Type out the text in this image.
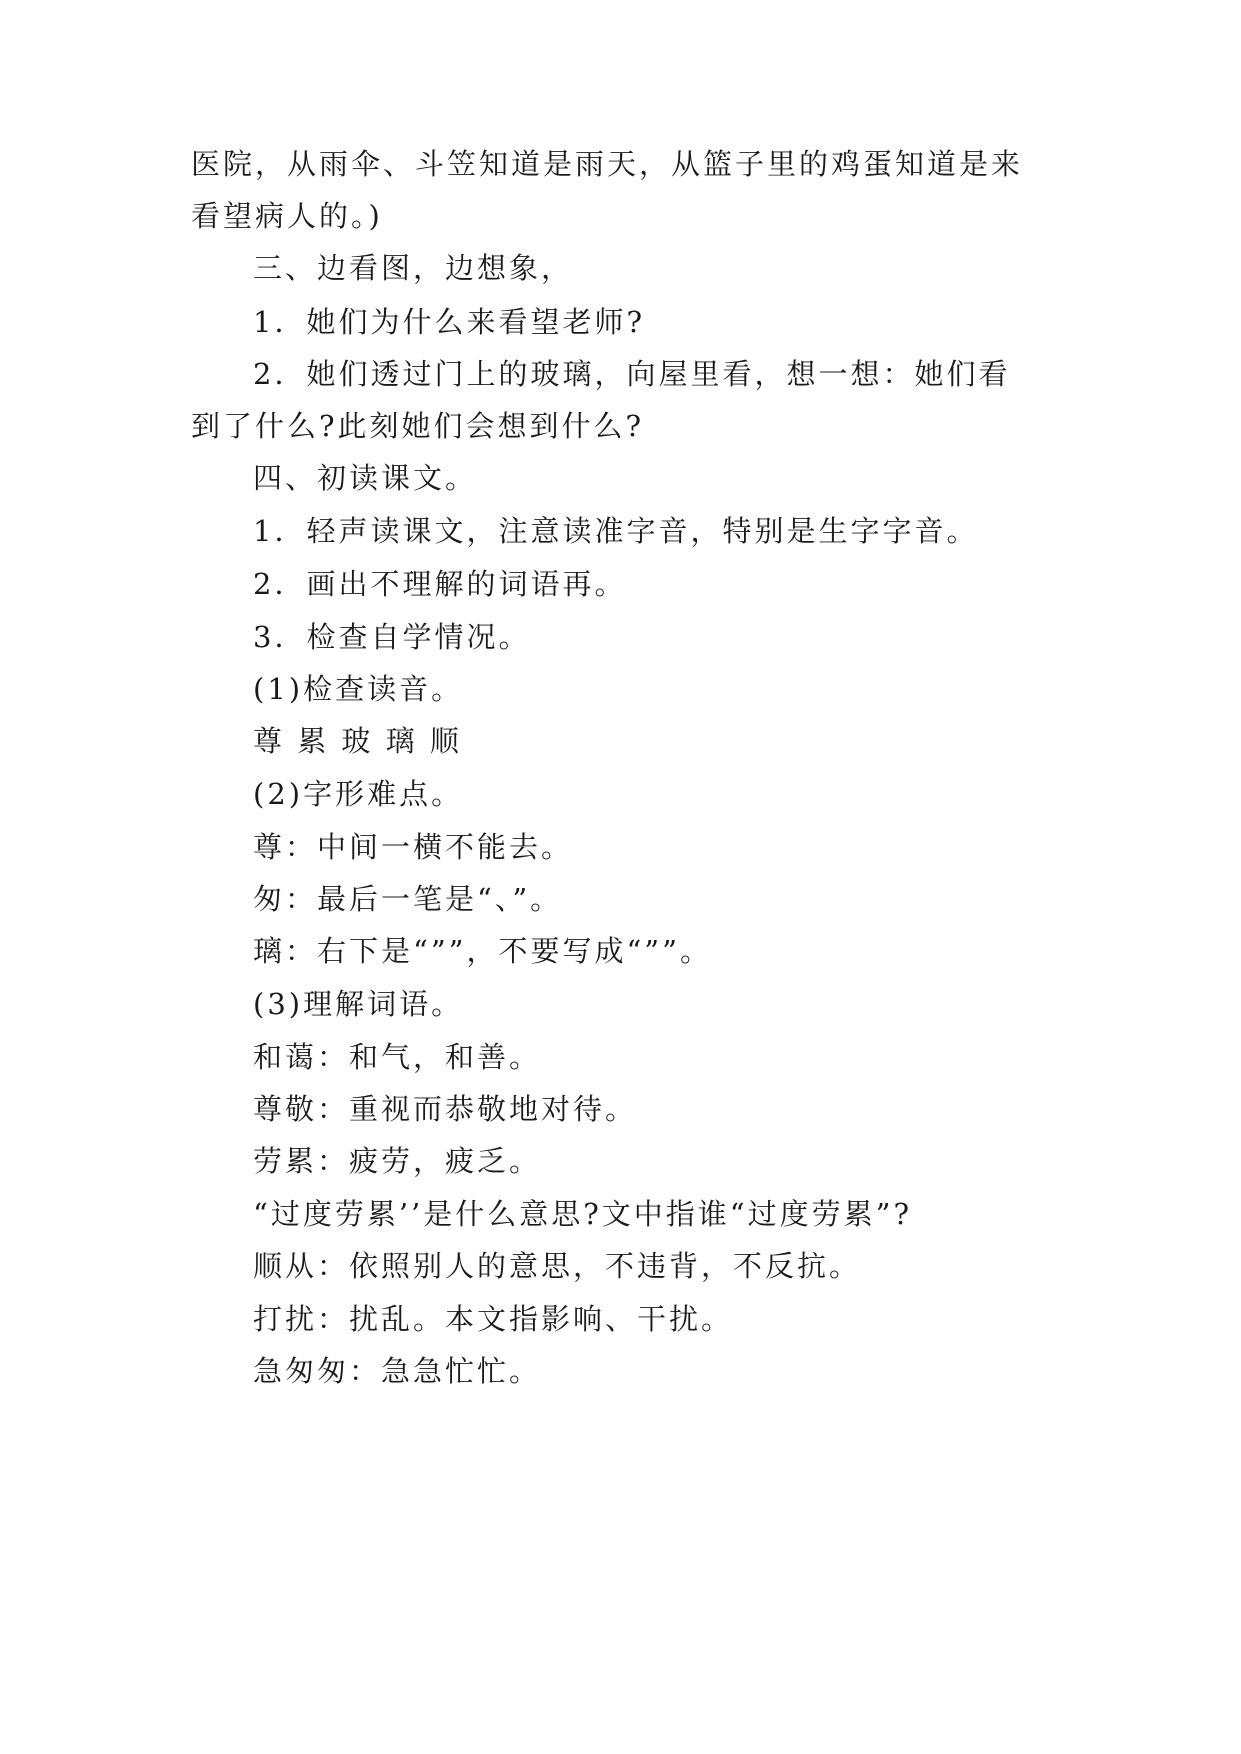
医院，从雨伞、斗笠知道是雨天，从篮子里的鸡蛋知道是来
看望病人的。)
三、边看图，边想象，
1．她们为什么来看望老师?
2．她们透过门上的玻璃，向屋里看，想一想：她们看
到了什么?此刻她们会想到什么?
四、初读课文。
1．轻声读课文，注意读准字音，特别是生字字音。
2．画出不理解的词语再。
3．检查自学情况。
(1)检查读音。
尊 累 玻 璃 顺
(2)字形难点。
尊：中间一横不能去。
匆：最后一笔是“、”。
璃：右下是“””，不要写成“””。
(3)理解词语。
和蔼：和气，和善。
尊敬：重视而恭敬地对待。
劳累：疲劳，疲乏。
“过度劳累’’是什么意思?文中指谁“过度劳累”?
顺从：依照别人的意思，不违背，不反抗。
打扰：扰乱。本文指影响、干扰。
急匆匆：急急忙忙。
